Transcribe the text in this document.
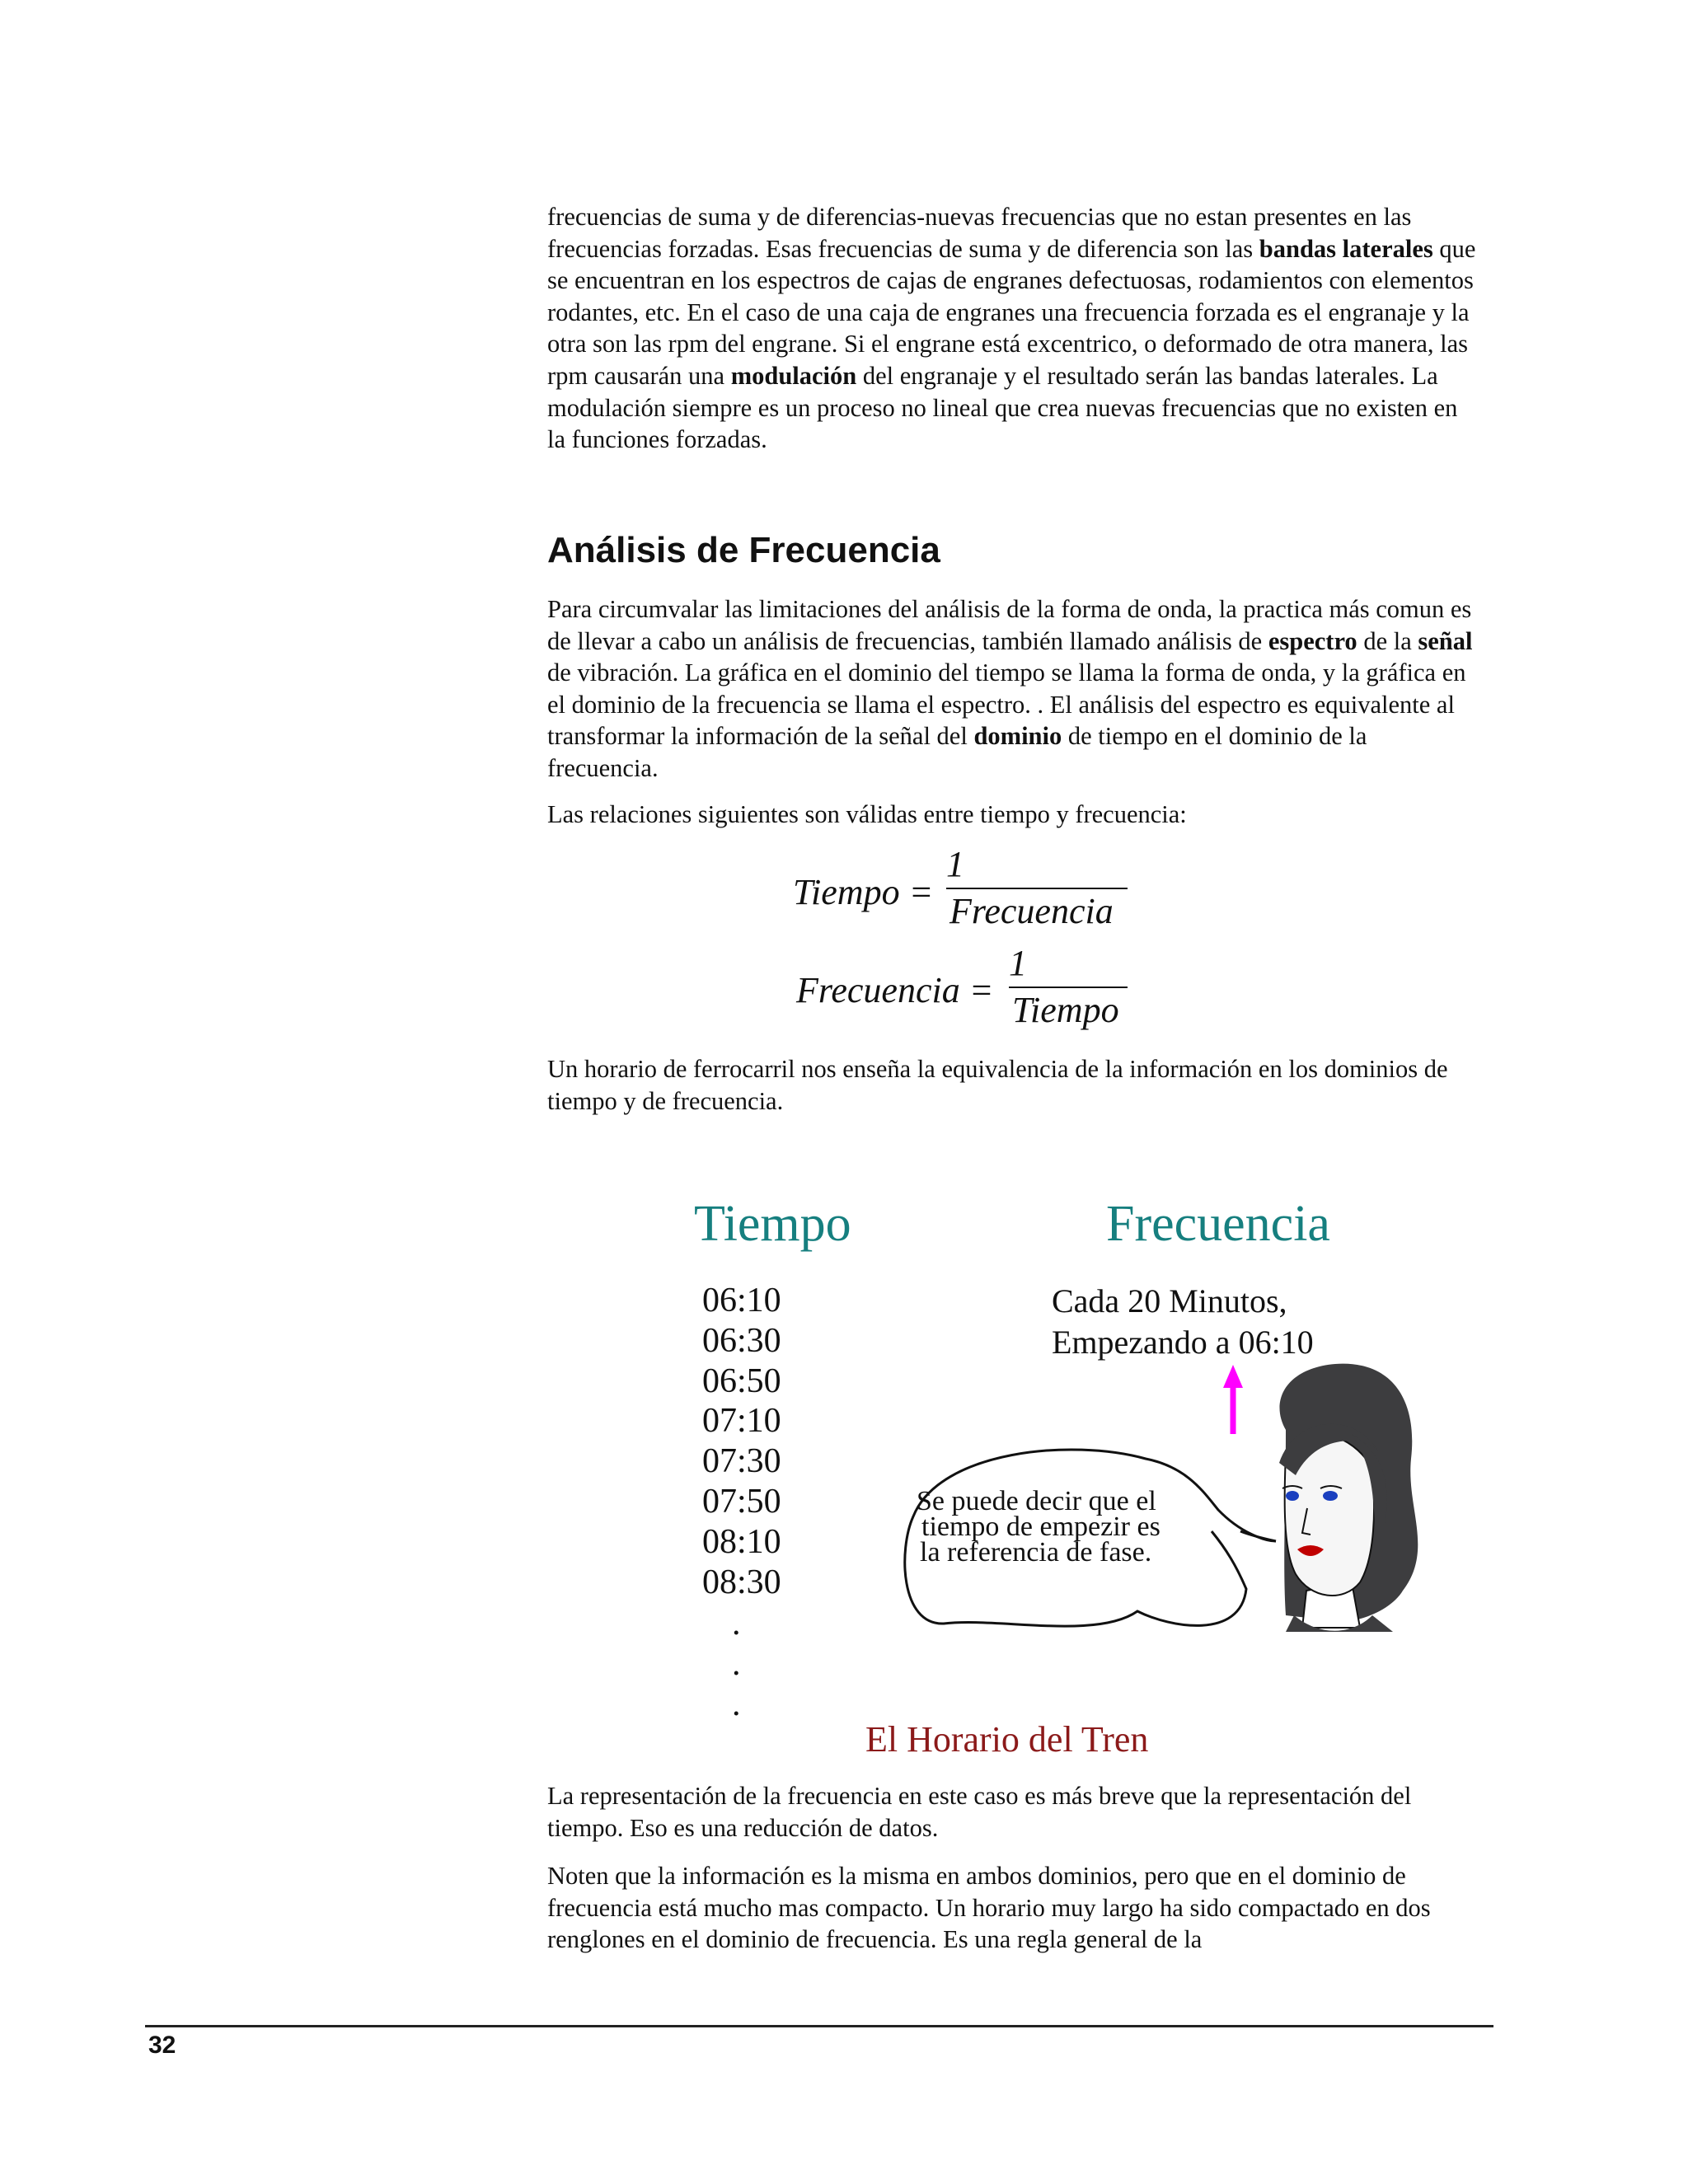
frecuencias de suma y de diferencias-nuevas frecuencias que no estan presentes en las frecuencias forzadas. Esas frecuencias de suma y de diferencia son las bandas laterales que se encuentran en los espectros de cajas de engranes defectuosas, rodamientos con elementos rodantes, etc. En el caso de una caja de engranes una frecuencia forzada es el engranaje y la otra son las rpm del engrane. Si el engrane está excentrico, o deformado de otra manera, las rpm causarán una modulación del engranaje y el resultado serán las bandas laterales. La modulación siempre es un proceso no lineal que crea nuevas frecuencias que no existen en la funciones forzadas.

Análisis de Frecuencia

Para circumvalar las limitaciones del análisis de la forma de onda, la practica más comun es de llevar a cabo un análisis de frecuencias, también llamado análisis de espectro de la señal de vibración. La gráfica en el dominio del tiempo se llama la forma de onda, y la gráfica en el dominio de la frecuencia se llama el espectro. . El análisis del espectro es equivalente al transformar la información de la señal del dominio de tiempo en el dominio de la frecuencia.

Las relaciones siguientes son válidas entre tiempo y frecuencia:

Tiempo =
1
Frecuencia
Frecuencia =
1
Tiempo

Un horario de ferrocarril nos enseña la equivalencia de la información en los dominios de tiempo y de frecuencia.

Tiempo	Frecuencia
06:10
06:30
06:50
07:10
07:30
07:50
08:10
08:30
.
.
.
Cada 20 Minutos,
Empezando a 06:10
Se puede decir que el
tiempo de empezir es
la referencia de fase.
El Horario del Tren

La representación de la frecuencia en este caso es más breve que la representación del tiempo. Eso es una reducción de datos.

Noten que la información es la misma en ambos dominios, pero que en el dominio de frecuencia está mucho mas compacto. Un horario muy largo ha sido compactado en dos renglones en el dominio de frecuencia. Es una regla general de la

32
